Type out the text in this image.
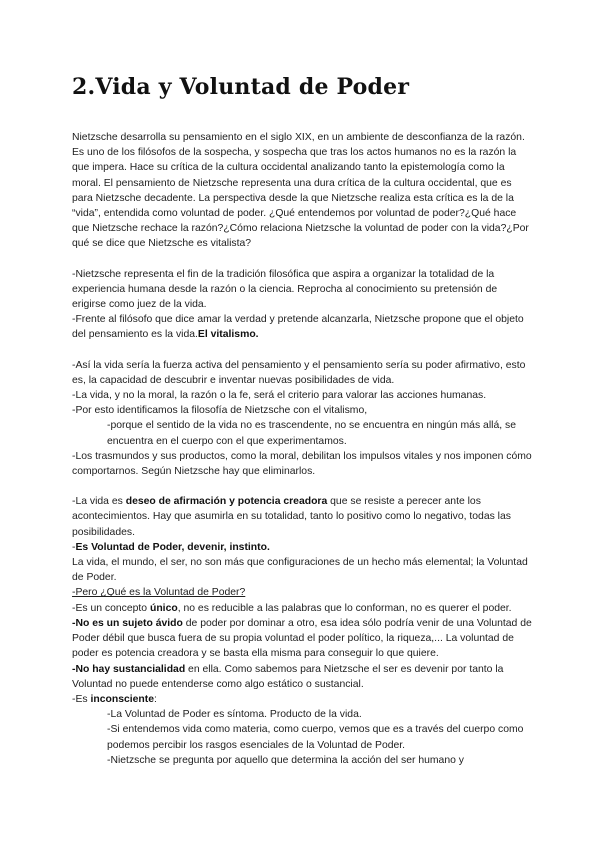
2.Vida y Voluntad de Poder

Nietzsche desarrolla su pensamiento en el siglo XIX, en un ambiente de desconfianza de la razón. Es uno de los filósofos de la sospecha, y sospecha que tras los actos humanos no es la razón la que impera. Hace su crítica de la cultura occidental analizando tanto la epistemología como la moral. El pensamiento de Nietzsche representa una dura crítica de la cultura occidental, que es para Nietzsche decadente. La perspectiva desde la que Nietzsche realiza esta crítica es la de la “vida”, entendida como voluntad de poder. ¿Qué entendemos por voluntad de poder?¿Qué hace que Nietzsche rechace la razón?¿Cómo relaciona Nietzsche la voluntad de poder con la vida?¿Por qué se dice que Nietzsche es vitalista?

-Nietzsche representa el fin de la tradición filosófica que aspira a organizar la totalidad de la experiencia humana desde la razón o la ciencia. Reprocha al conocimiento su pretensión de erigirse como juez de la vida.

-Frente al filósofo que dice amar la verdad y pretende alcanzarla, Nietzsche propone que el objeto del pensamiento es la vida.El vitalismo.

-Así la vida sería la fuerza activa del pensamiento y el pensamiento sería su poder afirmativo, esto es, la capacidad de descubrir e inventar nuevas posibilidades de vida.

-La vida, y no la moral, la razón o la fe, será el criterio para valorar las acciones humanas.

-Por esto identificamos la filosofía de Nietzsche con el vitalismo,

-porque el sentido de la vida no es trascendente, no se encuentra en ningún más allá, se encuentra en el cuerpo con el que experimentamos.

-Los trasmundos y sus productos, como la moral, debilitan los impulsos vitales y nos imponen cómo comportarnos. Según Nietzsche hay que eliminarlos.

-La vida es deseo de afirmación y potencia creadora que se resiste a perecer ante los acontecimientos. Hay que asumirla en su totalidad, tanto lo positivo como lo negativo, todas las posibilidades.

-Es Voluntad de Poder, devenir, instinto.

La vida, el mundo, el ser, no son más que configuraciones de un hecho más elemental; la Voluntad de Poder.

-Pero ¿Qué es la Voluntad de Poder?

-Es un concepto único, no es reducible a las palabras que lo conforman, no es querer el poder.

-No es un sujeto ávido de poder por dominar a otro, esa idea sólo podría venir de una Voluntad de Poder débil que busca fuera de su propia voluntad el poder político, la riqueza,... La voluntad de poder es potencia creadora y se basta ella misma para conseguir lo que quiere.

-No hay sustancialidad en ella. Como sabemos para Nietzsche el ser es devenir por tanto la Voluntad no puede entenderse como algo estático o sustancial.

-Es inconsciente:

-La Voluntad de Poder es síntoma. Producto de la vida.

-Si entendemos vida como materia, como cuerpo, vemos que es a través del cuerpo como podemos percibir los rasgos esenciales de la Voluntad de Poder.

-Nietzsche se pregunta por aquello que determina la acción del ser humano y
